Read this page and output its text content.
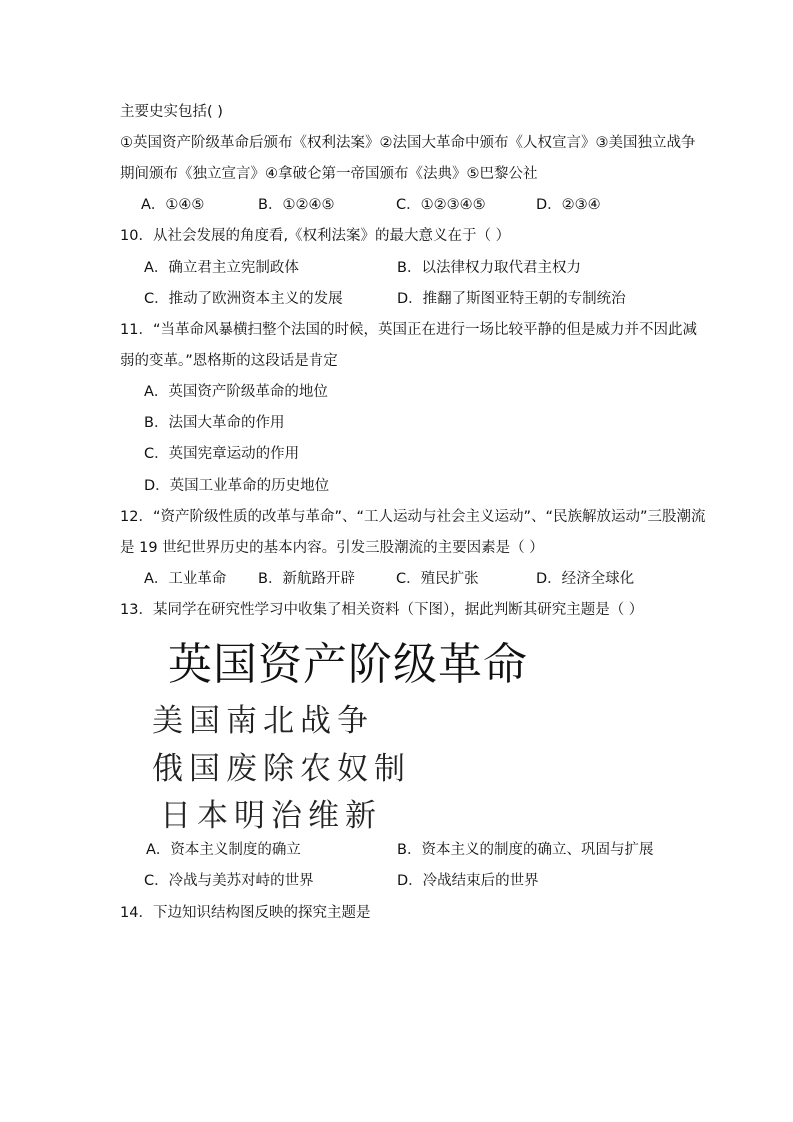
主要史实包括( )
①英国资产阶级革命后颁布《权利法案》②法国大革命中颁布《人权宣言》③美国独立战争
期间颁布《独立宣言》④拿破仑第一帝国颁布《法典》⑤巴黎公社
A．①④⑤	B．①②④⑤	C．①②③④⑤	D．②③④
10．从社会发展的角度看,《权利法案》的最大意义在于（ ）
A．确立君主立宪制政体	B．以法律权力取代君主权力
C．推动了欧洲资本主义的发展	D．推翻了斯图亚特王朝的专制统治
11．“当革命风暴横扫整个法国的时候，英国正在进行一场比较平静的但是威力并不因此减
弱的变革。”恩格斯的这段话是肯定
A．英国资产阶级革命的地位
B．法国大革命的作用
C．英国宪章运动的作用
D．英国工业革命的历史地位
12．“资产阶级性质的改革与革命”、“工人运动与社会主义运动”、“民族解放运动”三股潮流
是 19 世纪世界历史的基本内容。引发三股潮流的主要因素是（ ）
A．工业革命 B．新航路开辟	C．殖民扩张	D．经济全球化
13．某同学在研究性学习中收集了相关资料（下图），据此判断其研究主题是（ ）
英国资产阶级革命
美国南北战争
俄国废除农奴制
日本明治维新
A．资本主义制度的确立	B．资本主义的制度的确立、巩固与扩展
C．冷战与美苏对峙的世界	D．冷战结束后的世界
14．下边知识结构图反映的探究主题是
